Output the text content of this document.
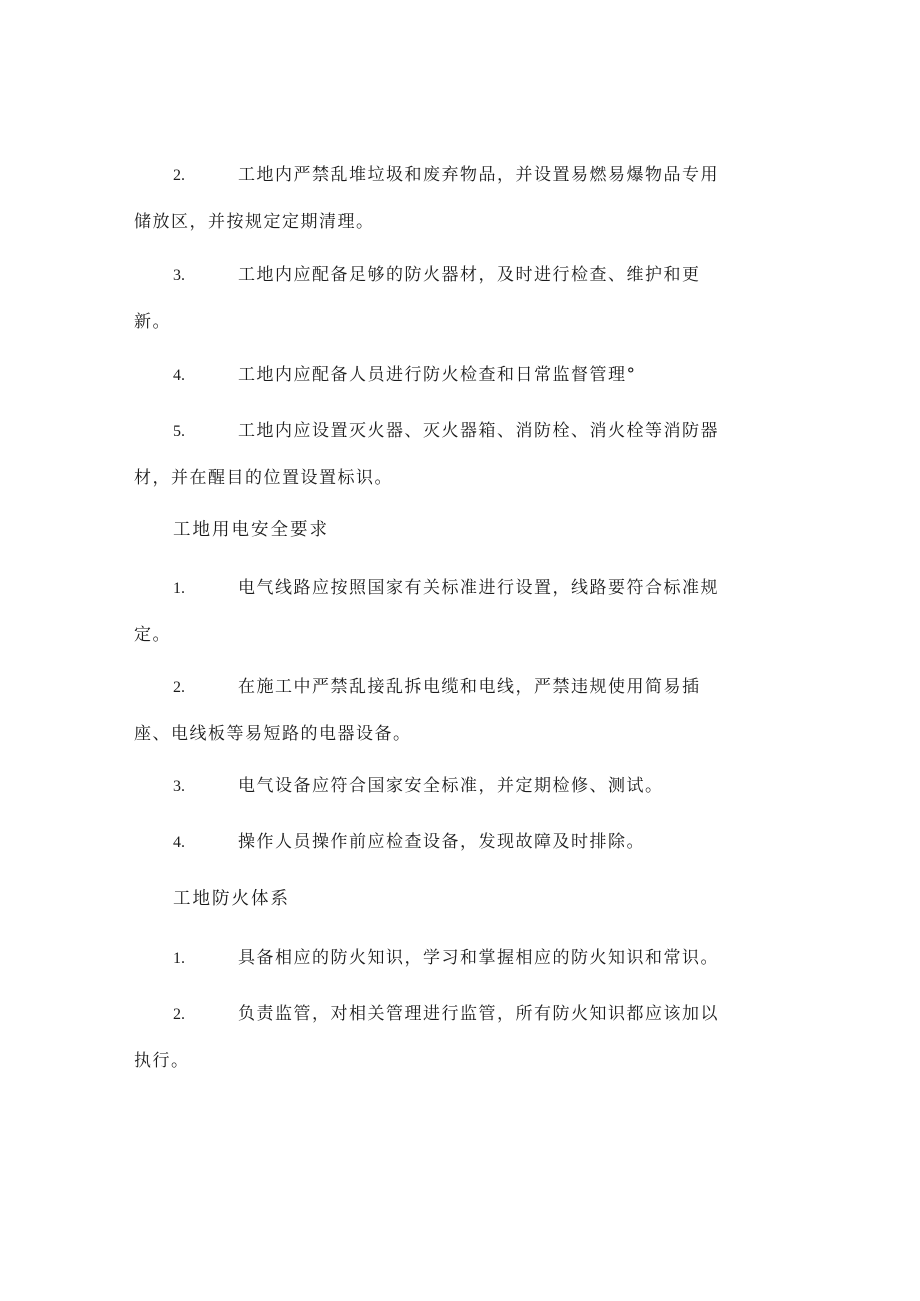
2.	工地内严禁乱堆垃圾和废弃物品，并设置易燃易爆物品专用储放区，并按规定定期清理。

3.	工地内应配备足够的防火器材，及时进行检查、维护和更新。

4.	工地内应配备人员进行防火检查和日常监督管理°

5.	工地内应设置灭火器、灭火器箱、消防栓、消火栓等消防器材，并在醒目的位置设置标识。

工地用电安全要求

1.	电气线路应按照国家有关标准进行设置，线路要符合标准规定。

2.	在施工中严禁乱接乱拆电缆和电线，严禁违规使用简易插座、电线板等易短路的电器设备。

3.	电气设备应符合国家安全标准，并定期检修、测试。

4.	操作人员操作前应检查设备，发现故障及时排除。

工地防火体系

1.	具备相应的防火知识，学习和掌握相应的防火知识和常识。

2.	负责监管，对相关管理进行监管，所有防火知识都应该加以执行。
